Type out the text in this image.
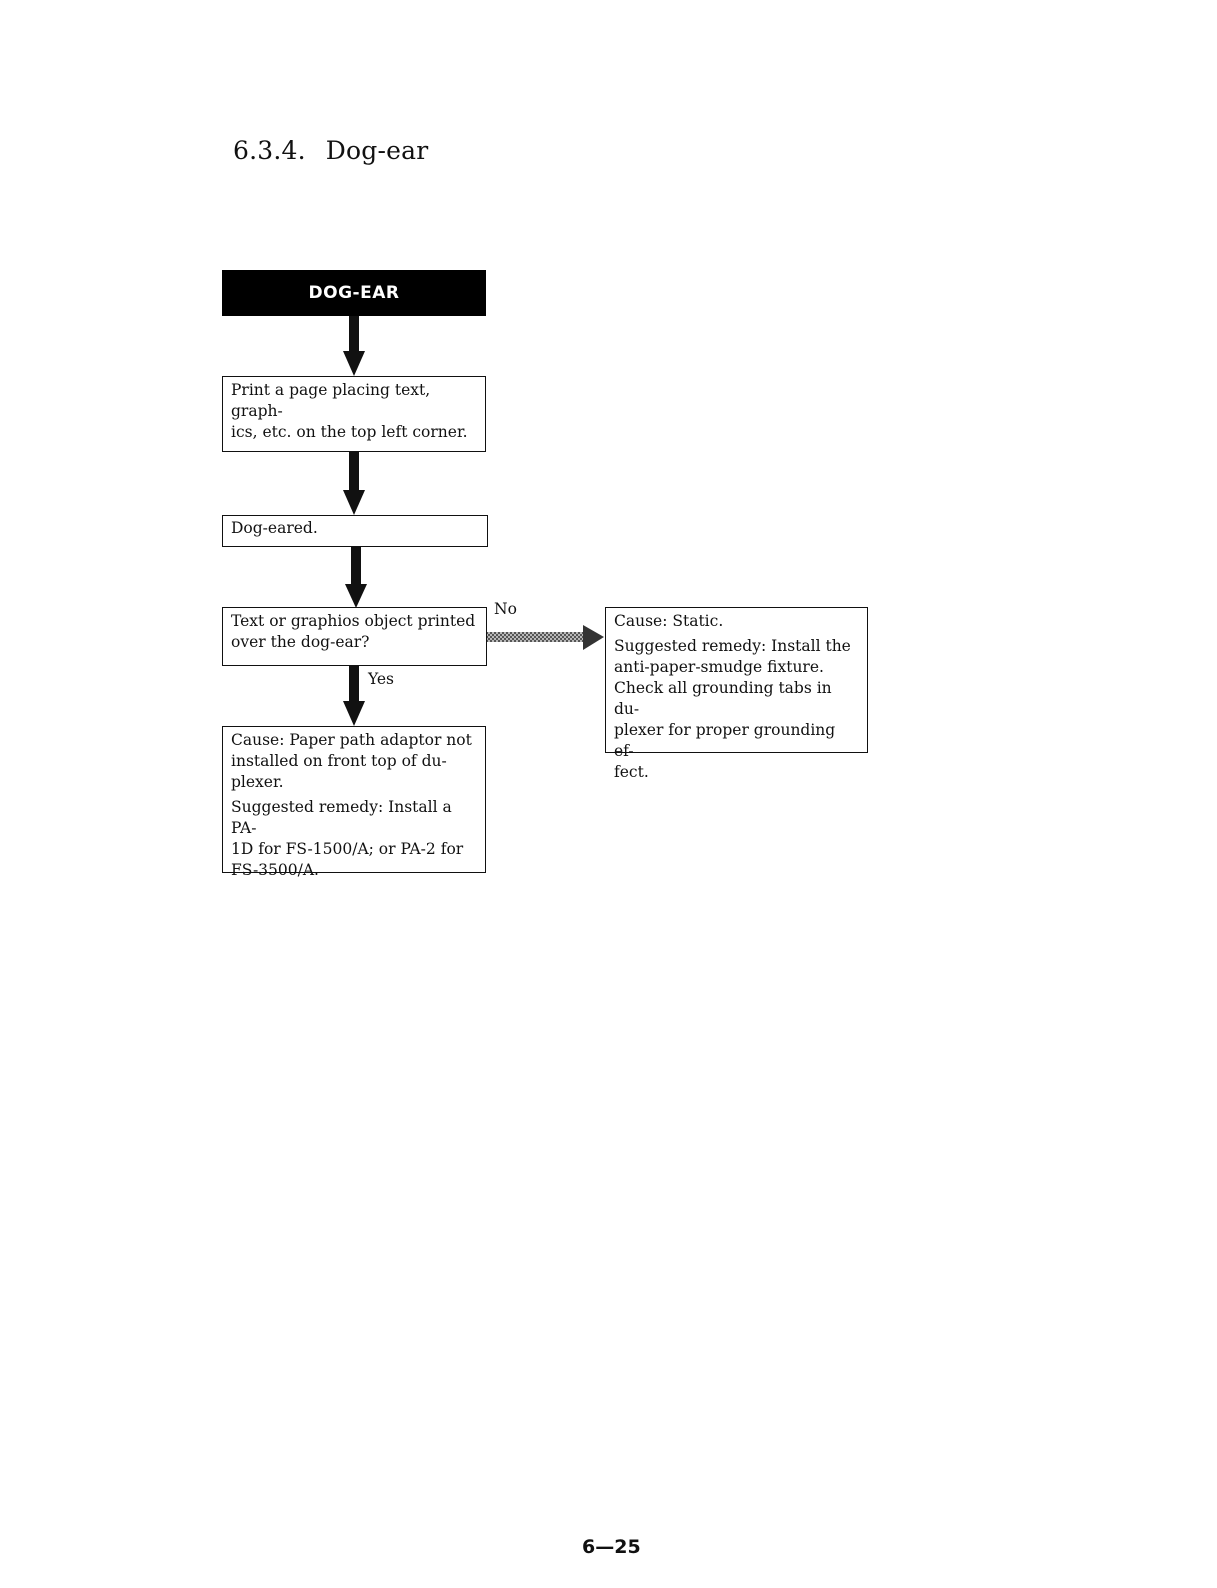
6.3.4. Dog-ear
DOG-EAR

Print a page placing text, graph-

ics, etc. on the top left corner.

Dog-eared.

Text or graphios object printed

over the dog-ear?

No
Yes

Cause: Static.

Suggested remedy: Install the

anti-paper-smudge fixture.

Check all grounding tabs in du-

plexer for proper grounding ef-

fect.

Cause: Paper path adaptor not

installed on front top of du-

plexer.

Suggested remedy: Install a PA-

1D for FS-1500/A; or PA-2 for

FS-3500/A.

6—25
